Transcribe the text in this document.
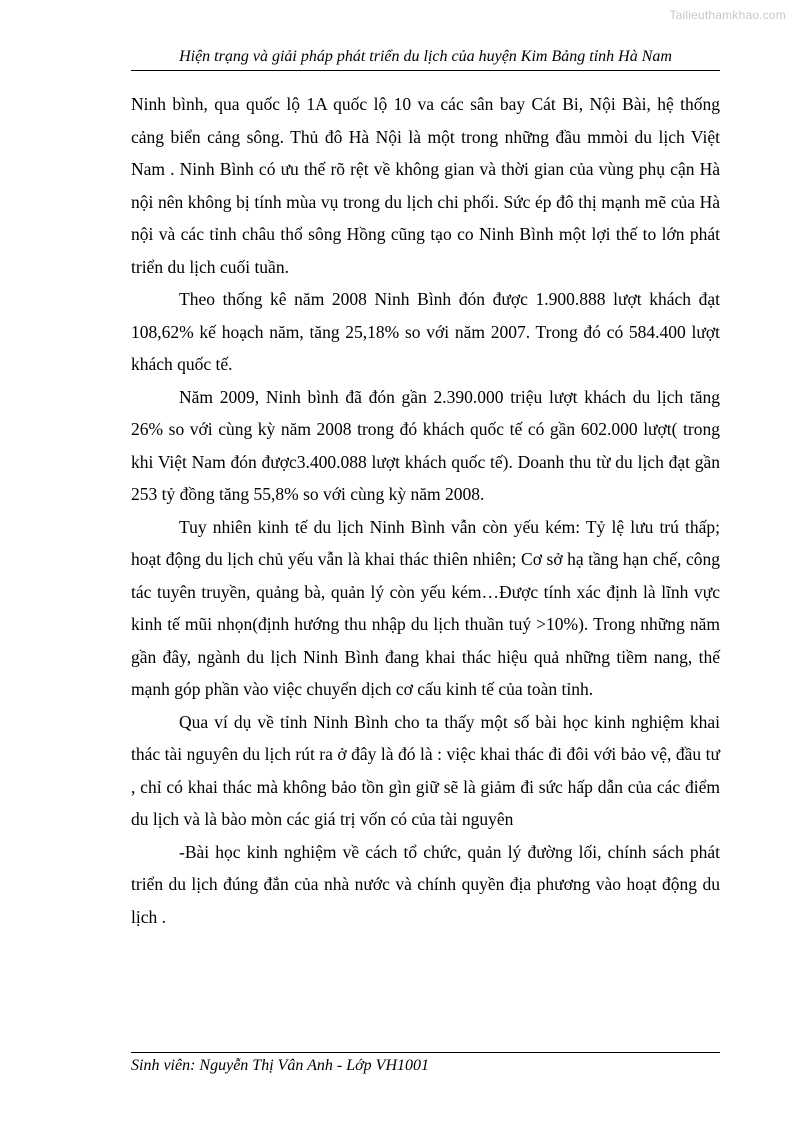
Tailieuthamkhao.com
Hiện trạng và giải pháp phát triển du lịch của huyện Kim Bảng tỉnh Hà Nam

Ninh bình, qua quốc lộ 1A quốc lộ 10 va các sân bay Cát Bi, Nội Bài, hệ thống cảng biển cảng sông. Thủ đô Hà Nội là một trong những đầu mmòi du lịch Việt Nam . Ninh Bình có ưu thế rõ rệt về không gian và thời gian của vùng phụ cận Hà nội nên không bị tính mùa vụ trong du lịch chi phối. Sức ép đô thị mạnh mẽ của Hà nội và các tỉnh châu thổ sông Hồng cũng tạo co Ninh Bình một lợi thế to lớn phát triển du lịch cuối tuần.

Theo thống kê năm 2008 Ninh Bình đón được 1.900.888 lượt khách đạt 108,62% kế hoạch năm, tăng 25,18% so với năm 2007. Trong đó có 584.400 lượt khách quốc tế.

Năm 2009, Ninh bình đã đón gần 2.390.000 triệu lượt khách du lịch tăng 26% so với cùng kỳ năm 2008 trong đó khách quốc tế có gần 602.000 lượt( trong khi Việt Nam đón được3.400.088 lượt khách quốc tế). Doanh thu từ du lịch đạt gần 253 tỷ đồng tăng 55,8% so với cùng kỳ năm 2008.

Tuy nhiên kinh tế du lịch Ninh Bình vẫn còn yếu kém: Tỷ lệ lưu trú thấp; hoạt động du lịch chủ yếu vẫn là khai thác thiên nhiên; Cơ sở hạ tầng hạn chế, công tác tuyên truyền, quảng bà, quản lý còn yếu kém…Được tính xác định là lĩnh vực kinh tế mũi nhọn(định hướng thu nhập du lịch thuần tuý >10%). Trong những năm gần đây, ngành du lịch Ninh Bình đang khai thác hiệu quả những tiềm nang, thế mạnh góp phần vào việc chuyển dịch cơ cấu kinh tế của toàn tỉnh.

Qua ví dụ về tỉnh Ninh Bình cho ta thấy một số bài học kinh nghiệm khai thác tài nguyên du lịch rút ra ở đây là đó là : việc khai thác đi đôi với bảo vệ, đầu tư , chỉ có khai thác mà không bảo tồn gìn giữ sẽ là giảm đi sức hấp dẫn của các điểm du lịch và là bào mòn các giá trị vốn có của tài nguyên

-Bài học kinh nghiệm về cách tổ chức, quản lý đường lối, chính sách phát triển du lịch đúng đắn của nhà nước và chính quyền địa phương vào hoạt động du lịch .

Sinh viên: Nguyễn Thị Vân Anh - Lớp VH1001
